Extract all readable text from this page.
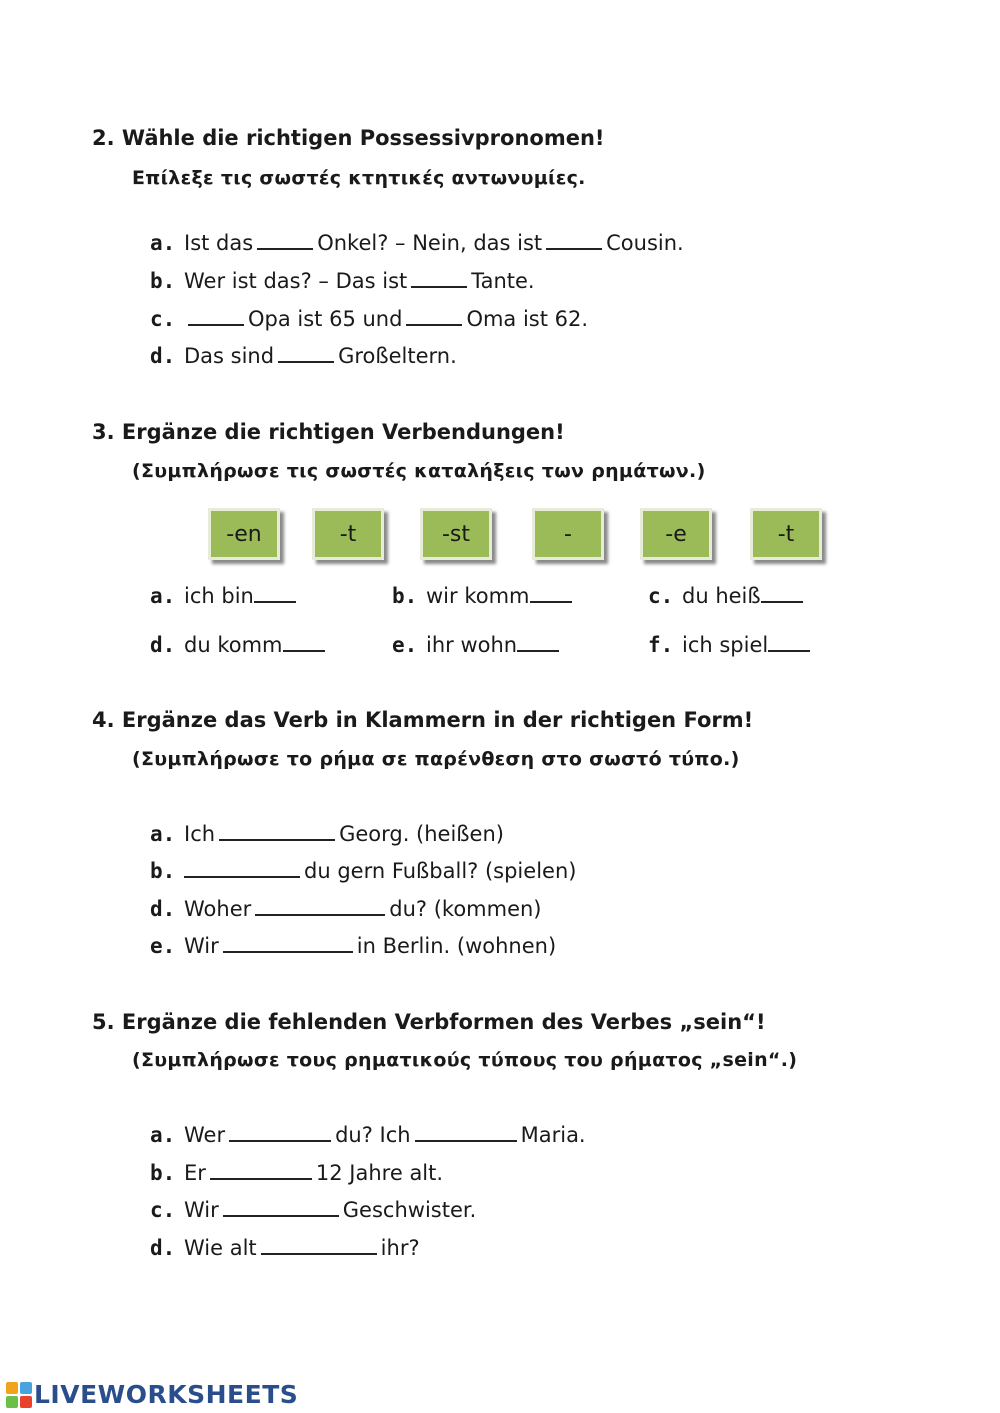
2. Wähle die richtigen Possessivpronomen!
Επίλεξε τις σωστές κτητικές αντωνυμίες.
a. Ist das	Onkel? – Nein, das ist	Cousin.
b. Wer ist das? – Das ist	Tante.
c.	Opa ist 65 und	Oma ist 62.
d. Das sind	Großeltern.
3. Ergänze die richtigen Verbendungen!
(Συμπλήρωσε τις σωστές καταλήξεις των ρημάτων.)
-en	-t	-st	-	-e	-t
a. ich bin	b. wir komm	c. du heiß
d. du komm	e. ihr wohn	f. ich spiel
4. Ergänze das Verb in Klammern in der richtigen Form!
(Συμπλήρωσε το ρήμα σε παρένθεση στο σωστό τύπο.)
a. Ich	Georg. (heißen)
b.	du gern Fußball? (spielen)
d. Woher	du? (kommen)
e. Wir	in Berlin. (wohnen)
5. Ergänze die fehlenden Verbformen des Verbes „sein“!
(Συμπλήρωσε τους ρηματικούς τύπους του ρήματος „sein“.)
a. Wer	du? Ich	Maria.
b. Er	12 Jahre alt.
c. Wir	Geschwister.
d. Wie alt	ihr?
LIVEWORKSHEETS
